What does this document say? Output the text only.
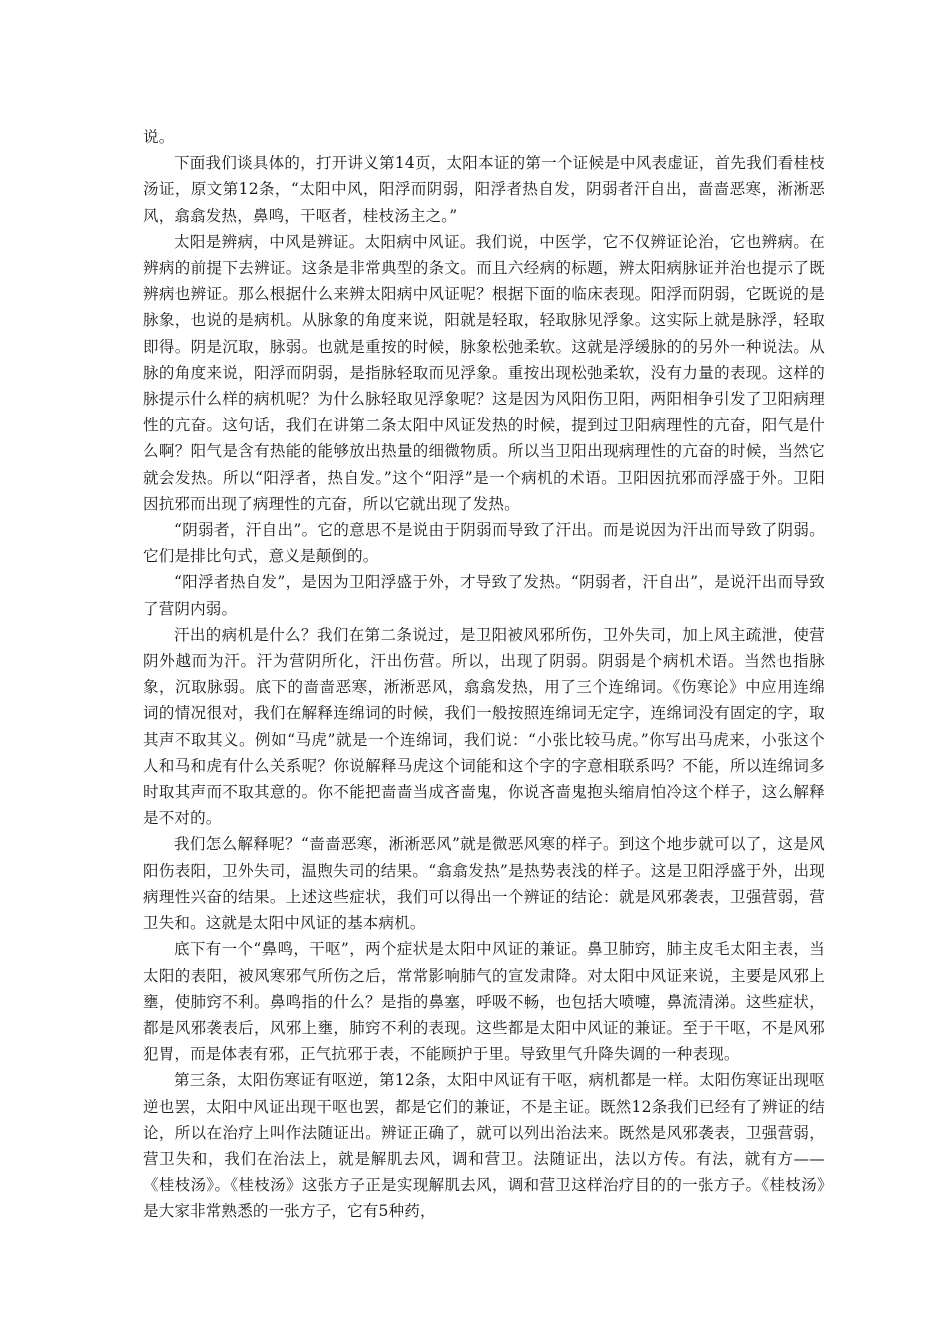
说。

下面我们谈具体的，打开讲义第14页，太阳本证的第一个证候是中风表虚证，首先我们看桂枝汤证，原文第12条，“太阳中风，阳浮而阴弱，阳浮者热自发，阴弱者汗自出，啬啬恶寒，淅淅恶风，翕翕发热，鼻鸣，干呕者，桂枝汤主之。”

太阳是辨病，中风是辨证。太阳病中风证。我们说，中医学，它不仅辨证论治，它也辨病。在辨病的前提下去辨证。这条是非常典型的条文。而且六经病的标题，辨太阳病脉证并治也提示了既辨病也辨证。那么根据什么来辨太阳病中风证呢？根据下面的临床表现。阳浮而阴弱，它既说的是脉象，也说的是病机。从脉象的角度来说，阳就是轻取，轻取脉见浮象。这实际上就是脉浮，轻取即得。阴是沉取，脉弱。也就是重按的时候，脉象松弛柔软。这就是浮缓脉的的另外一种说法。从脉的角度来说，阳浮而阴弱，是指脉轻取而见浮象。重按出现松弛柔软，没有力量的表现。这样的脉提示什么样的病机呢？为什么脉轻取见浮象呢？这是因为风阳伤卫阳，两阳相争引发了卫阳病理性的亢奋。这句话，我们在讲第二条太阳中风证发热的时候，提到过卫阳病理性的亢奋，阳气是什么啊？阳气是含有热能的能够放出热量的细微物质。所以当卫阳出现病理性的亢奋的时候，当然它就会发热。所以“阳浮者，热自发。”这个“阳浮”是一个病机的术语。卫阳因抗邪而浮盛于外。卫阳因抗邪而出现了病理性的亢奋，所以它就出现了发热。

“阴弱者，汗自出”。它的意思不是说由于阴弱而导致了汗出。而是说因为汗出而导致了阴弱。它们是排比句式，意义是颠倒的。

“阳浮者热自发”，是因为卫阳浮盛于外，才导致了发热。“阴弱者，汗自出”，是说汗出而导致了营阴内弱。

汗出的病机是什么？我们在第二条说过，是卫阳被风邪所伤，卫外失司，加上风主疏泄，使营阴外越而为汗。汗为营阴所化，汗出伤营。所以，出现了阴弱。阴弱是个病机术语。当然也指脉象，沉取脉弱。底下的啬啬恶寒，淅淅恶风，翕翕发热，用了三个连绵词。《伤寒论》中应用连绵词的情况很对，我们在解释连绵词的时候，我们一般按照连绵词无定字，连绵词没有固定的字，取其声不取其义。例如“马虎”就是一个连绵词，我们说：“小张比较马虎。”你写出马虎来，小张这个人和马和虎有什么关系呢？你说解释马虎这个词能和这个字的字意相联系吗？不能，所以连绵词多时取其声而不取其意的。你不能把啬啬当成吝啬鬼，你说吝啬鬼抱头缩肩怕冷这个样子，这么解释是不对的。

我们怎么解释呢？“啬啬恶寒，淅淅恶风”就是微恶风寒的样子。到这个地步就可以了，这是风阳伤表阳，卫外失司，温煦失司的结果。“翕翕发热”是热势表浅的样子。这是卫阳浮盛于外，出现病理性兴奋的结果。上述这些症状，我们可以得出一个辨证的结论：就是风邪袭表，卫强营弱，营卫失和。这就是太阳中风证的基本病机。

底下有一个“鼻鸣，干呕”，两个症状是太阳中风证的兼证。鼻卫肺窍，肺主皮毛太阳主表，当太阳的表阳，被风寒邪气所伤之后，常常影响肺气的宣发肃降。对太阳中风证来说，主要是风邪上壅，使肺窍不利。鼻鸣指的什么？是指的鼻塞，呼吸不畅，也包括大喷嚏，鼻流清涕。这些症状，都是风邪袭表后，风邪上壅，肺窍不利的表现。这些都是太阳中风证的兼证。至于干呕，不是风邪犯胃，而是体表有邪，正气抗邪于表，不能顾护于里。导致里气升降失调的一种表现。

第三条，太阳伤寒证有呕逆，第12条，太阳中风证有干呕，病机都是一样。太阳伤寒证出现呕逆也罢，太阳中风证出现干呕也罢，都是它们的兼证，不是主证。既然12条我们已经有了辨证的结论，所以在治疗上叫作法随证出。辨证正确了，就可以列出治法来。既然是风邪袭表，卫强营弱，营卫失和，我们在治法上，就是解肌去风，调和营卫。法随证出，法以方传。有法，就有方——《桂枝汤》。《桂枝汤》这张方子正是实现解肌去风，调和营卫这样治疗目的的一张方子。《桂枝汤》是大家非常熟悉的一张方子，它有5种药，
